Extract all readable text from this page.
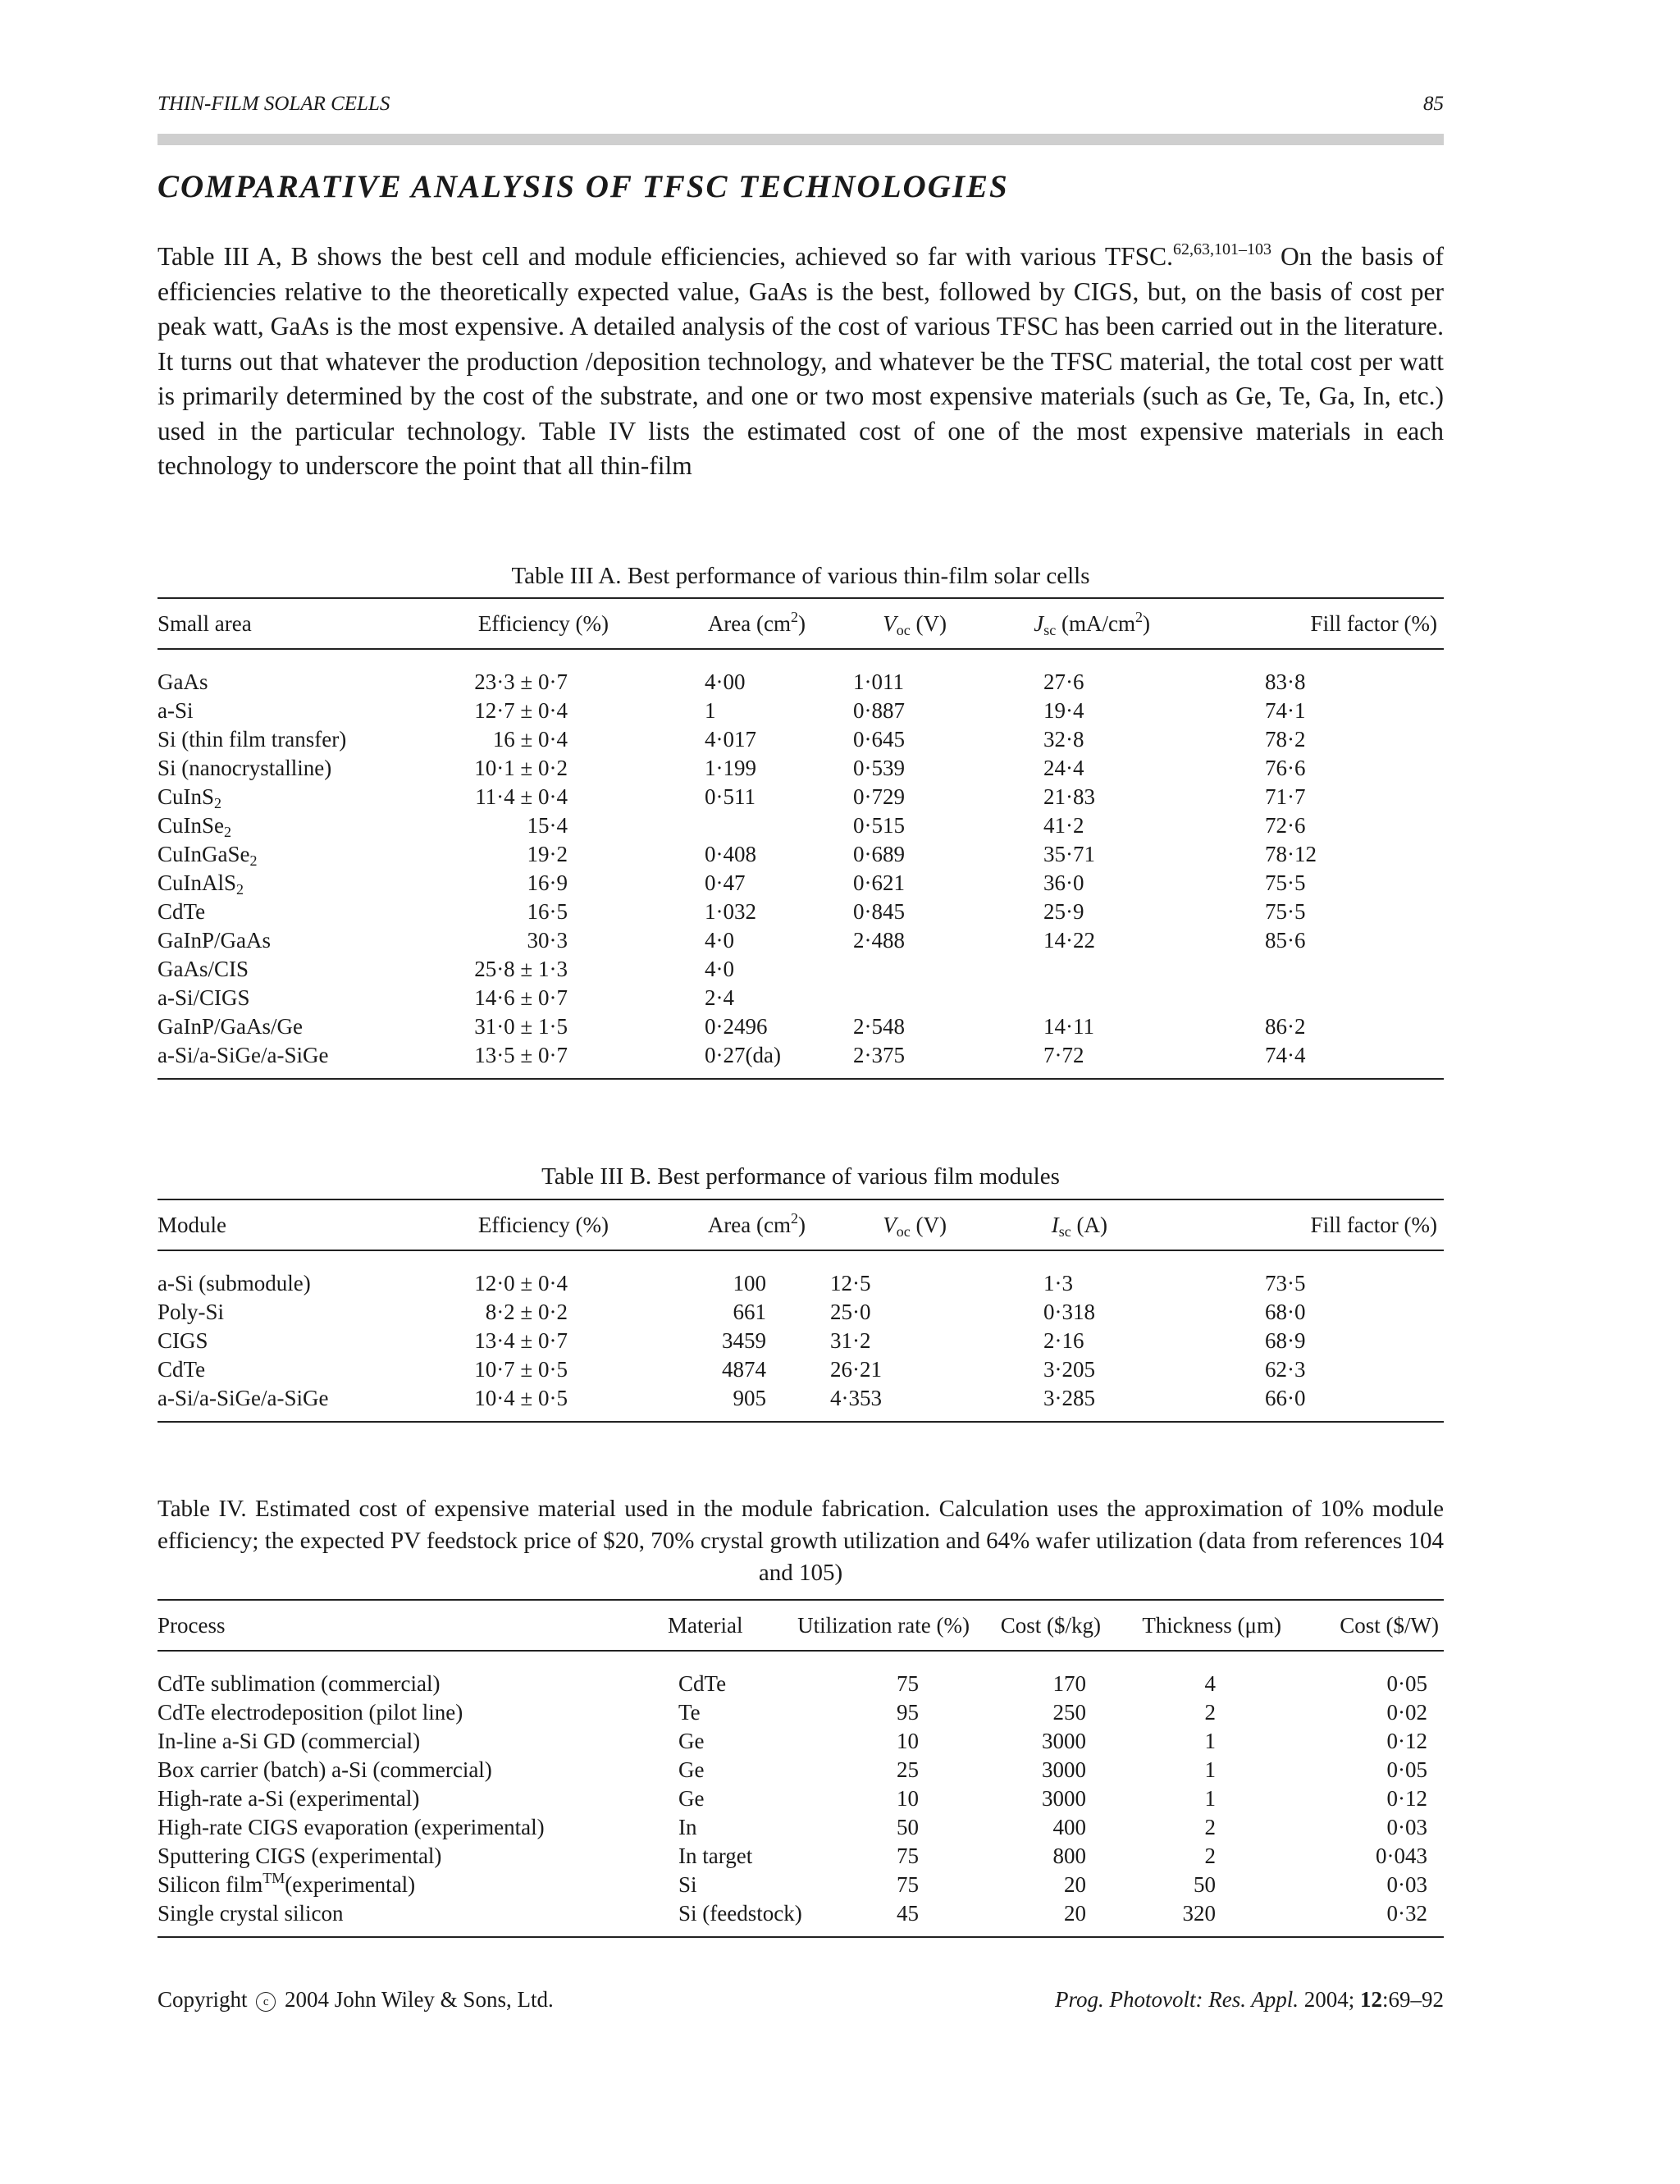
THIN-FILM SOLAR CELLS	85
COMPARATIVE ANALYSIS OF TFSC TECHNOLOGIES

Table III A, B shows the best cell and module efficiencies, achieved so far with various TFSC.$^{62,63,101-103}$ On the basis of efficiencies relative to the theoretically expected value, GaAs is the best, followed by CIGS, but, on the basis of cost per peak watt, GaAs is the most expensive. A detailed analysis of the cost of various TFSC has been carried out in the literature. It turns out that whatever the production /deposition technology, and whatever be the TFSC material, the total cost per watt is primarily determined by the cost of the substrate, and one or two most expensive materials (such as Ge, Te, Ga, In, etc.) used in the particular technology. Table IV lists the estimated cost of one of the most expensive materials in each technology to underscore the point that all thin-film

Table III A. Best performance of various thin-film solar cells
Small area	Efficiency (%)	Area $(cm^2)$	$V_{oc}$ (V)	$J_{sc}$ $(mA/cm^2)$	Fill factor (%)
GaAs	23·3 ± 0·7	4·00	1·011	27·6	83·8
a-Si	12·7 ± 0·4	1	0·887	19·4	74·1
Si (thin film transfer)	16 ± 0·4	4·017	0·645	32·8	78·2
Si (nanocrystalline)	10·1 ± 0·2	1·199	0·539	24·4	76·6
CuInS$_2$	11·4 ± 0·4	0·511	0·729	21·83	71·7
CuInSe$_2$	15·4		0·515	41·2	72·6
CuInGaSe$_2$	19·2	0·408	0·689	35·71	78·12
CuInAlS$_2$	16·9	0·47	0·621	36·0	75·5
CdTe	16·5	1·032	0·845	25·9	75·5
GaInP/GaAs	30·3	4·0	2·488	14·22	85·6
GaAs/CIS	25·8 ± 1·3	4·0			
a-Si/CIGS	14·6 ± 0·7	2·4			
GaInP/GaAs/Ge	31·0 ± 1·5	0·2496	2·548	14·11	86·2
a-Si/a-SiGe/a-SiGe	13·5 ± 0·7	0·27(da)	2·375	7·72	74·4
Table III B. Best performance of various film modules
Module	Efficiency (%)	Area $(cm^2)$	$V_{oc}$ (V)	$I_{sc}$ (A)	Fill factor (%)
a-Si (submodule)	12·0 ± 0·4	100	12·5	1·3	73·5
Poly-Si	8·2 ± 0·2	661	25·0	0·318	68·0
CIGS	13·4 ± 0·7	3459	31·2	2·16	68·9
CdTe	10·7 ± 0·5	4874	26·21	3·205	62·3
a-Si/a-SiGe/a-SiGe	10·4 ± 0·5	905	4·353	3·285	66·0
Table IV. Estimated cost of expensive material used in the module fabrication. Calculation uses the approximation of 10% module efficiency; the expected PV feedstock price of $20, 70% crystal growth utilization and 64% wafer utilization (data from references 104 and 105)
Process	Material	Utilization rate (%)	Cost ($/kg)	Thickness (μm)	Cost ($/W)
CdTe sublimation (commercial)	CdTe	75	170	4	0·05
CdTe electrodeposition (pilot line)	Te	95	250	2	0·02
In-line a-Si GD (commercial)	Ge	10	3000	1	0·12
Box carrier (batch) a-Si (commercial)	Ge	25	3000	1	0·05
High-rate a-Si (experimental)	Ge	10	3000	1	0·12
High-rate CIGS evaporation (experimental)	In	50	400	2	0·03
Sputtering CIGS (experimental)	In target	75	800	2	0·043
Silicon film™(experimental)	Si	75	20	50	0·03
Single crystal silicon	Si (feedstock)	45	20	320	0·32
Copyright c 2004 John Wiley & Sons, Ltd.	Prog. Photovolt: Res. Appl. 2004; 12:69–92
